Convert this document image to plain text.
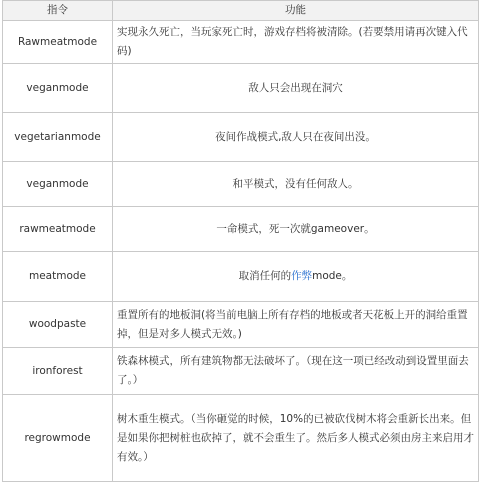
指令	功能
Rawmeatmode	实现永久死亡，当玩家死亡时，游戏存档将被清除。(若要禁用请再次键入代码)
veganmode	敌人只会出现在洞穴
vegetarianmode	夜间作战模式,敌人只在夜间出没。
veganmode	和平模式，没有任何敌人。
rawmeatmode	一命模式，死一次就gameover。
meatmode	取消任何的作弊mode。
woodpaste	重置所有的地板洞(将当前电脑上所有存档的地板或者天花板上开的洞给重置掉，但是对多人模式无效。)
ironforest	铁森林模式，所有建筑物都无法破坏了。（现在这一项已经改动到设置里面去了。）
regrowmode	树木重生模式。（当你砸觉的时候，10%的已被砍伐树木将会重新长出来。但是如果你把树桩也砍掉了，就不会重生了。然后多人模式必须由房主来启用才有效。）
